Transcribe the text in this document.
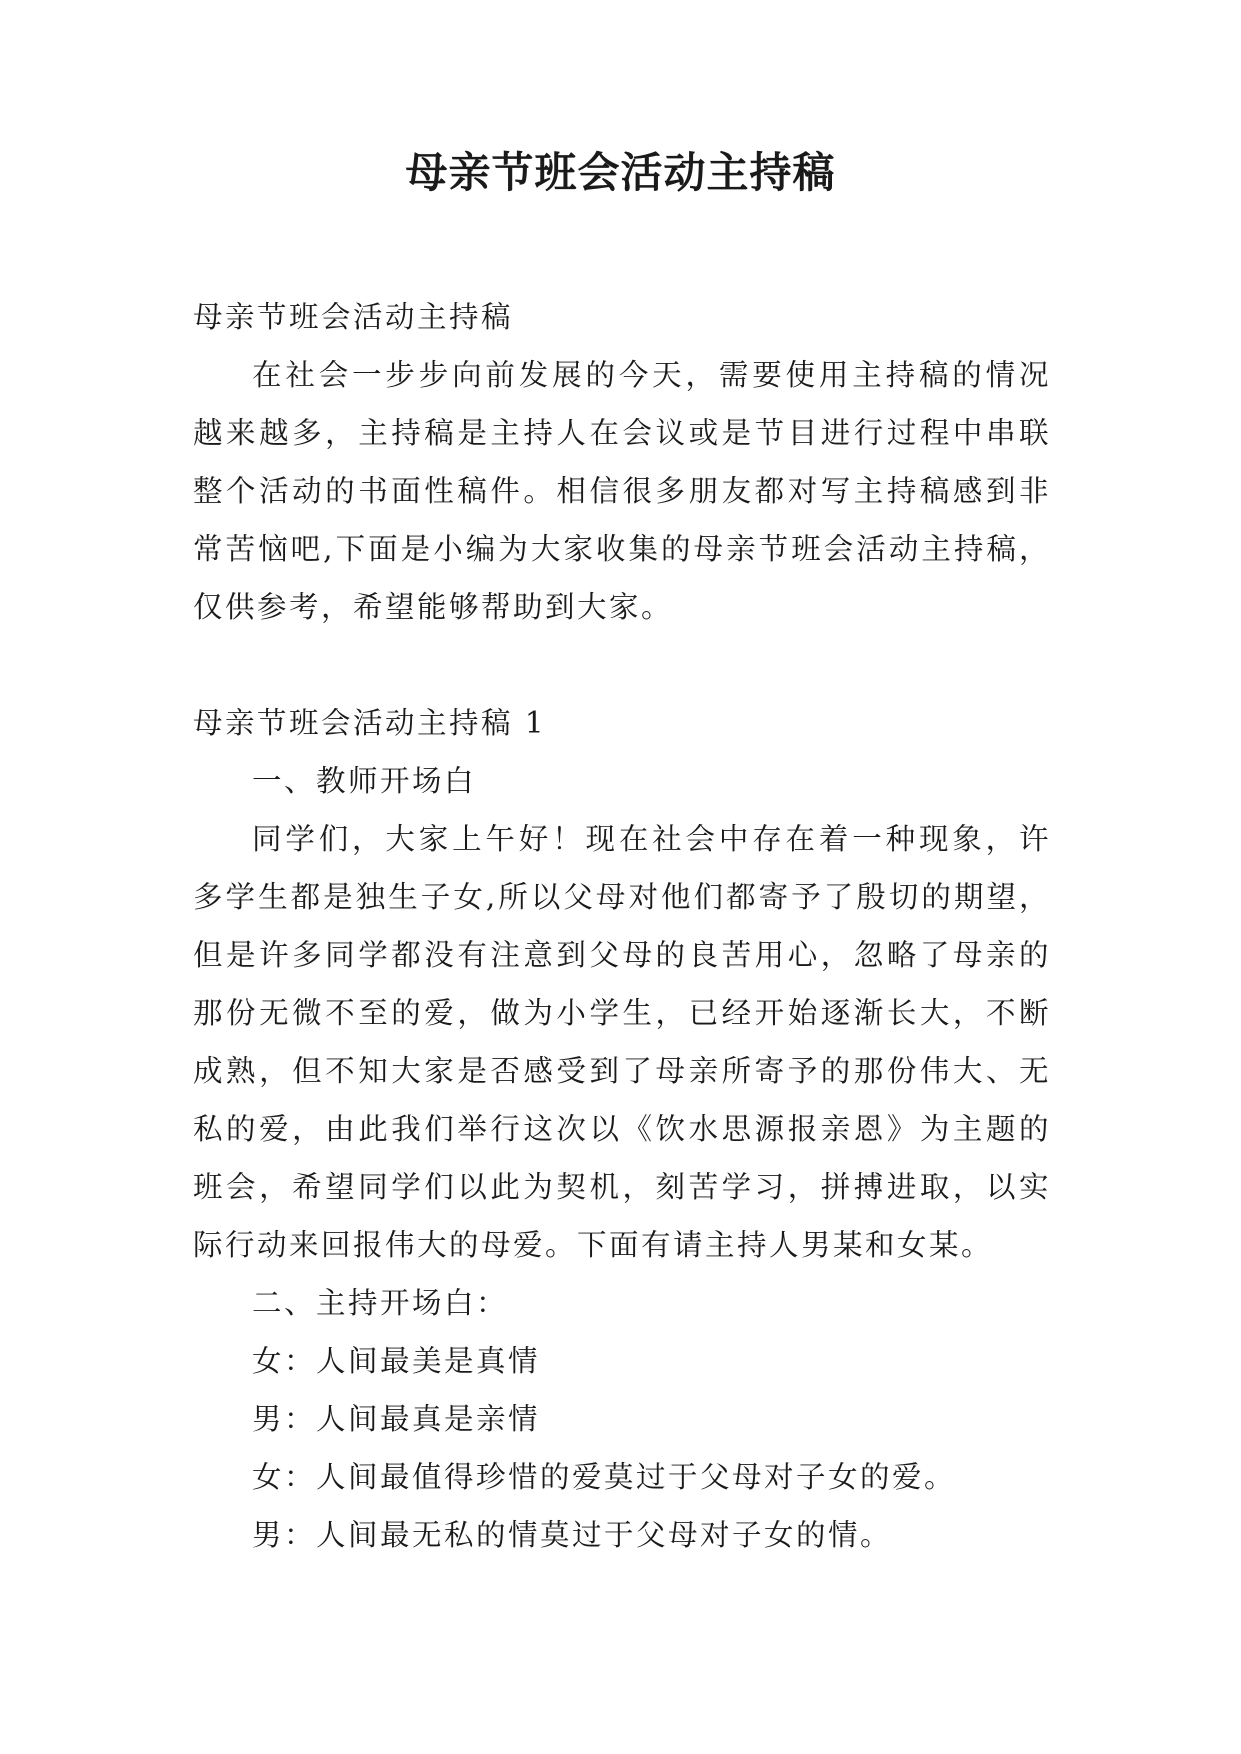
母亲节班会活动主持稿

母亲节班会活动主持稿

在社会一步步向前发展的今天，需要使用主持稿的情况越来越多，主持稿是主持人在会议或是节目进行过程中串联整个活动的书面性稿件。相信很多朋友都对写主持稿感到非常苦恼吧,下面是小编为大家收集的母亲节班会活动主持稿，仅供参考，希望能够帮助到大家。

母亲节班会活动主持稿 1

一、教师开场白

同学们，大家上午好！现在社会中存在着一种现象，许多学生都是独生子女,所以父母对他们都寄予了殷切的期望，但是许多同学都没有注意到父母的良苦用心，忽略了母亲的那份无微不至的爱，做为小学生，已经开始逐渐长大，不断成熟，但不知大家是否感受到了母亲所寄予的那份伟大、无私的爱，由此我们举行这次以《饮水思源报亲恩》为主题的班会，希望同学们以此为契机，刻苦学习，拼搏进取，以实际行动来回报伟大的母爱。下面有请主持人男某和女某。

二、主持开场白：

女：人间最美是真情

男：人间最真是亲情

女：人间最值得珍惜的爱莫过于父母对子女的爱。

男：人间最无私的情莫过于父母对子女的情。
